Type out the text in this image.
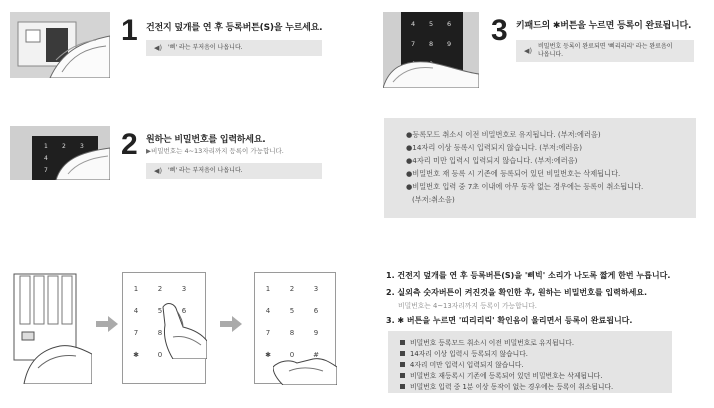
1 건전지 덮개를 연 후 등록버튼(S)을 누르세요.
◀) '삐' 라는 부저음이 나옵니다.
1 2 3
4
7
2 원하는 비밀번호를 입력하세요.
▶비밀번호는 4~13자리까지 등록이 가능합니다.
◀) '삐' 라는 부저음이 나옵니다.
4 5 6
7 8 9 3 키패드의 ✱버튼을 누르면 등록이 완료됩니다.
◀)
비밀번호 등록이 완료되면 '삐리리리' 라는 완료음이
나옵니다.
●등록모드 취소시 이전 비밀번호로 유지됩니다. (부저:에러음)
●14자리 이상 등록시 입력되지 않습니다. (부저:에러음)
●4자리 미만 입력시 입력되지 않습니다. (부저:에러음)
●비밀번호 재 등록 시 기존에 등록되어 있던 비밀번호는 삭제됩니다.
●비밀번호 입력 중 7초 이내에 아무 동작 없는 경우에는 등록이 취소됩니다.
(부저:취소음)
1	2	3
4	5	6
7	8
✱	0
1	2	3
4	5	6
7	8	9
✱	0	#
1. 건전지 덮개를 연 후 등록버튼(S)을 '삐빅' 소리가 나도록 짧게 한번 누릅니다.
2. 실외측 숫자버튼이 켜진것을 확인한 후, 원하는 비밀번호를 입력하세요.
비밀번호는 4~13자리까지 등록이 가능합니다.
3. ✱ 버튼을 누르면 '띠리리릭' 확인음이 울리면서 등록이 완료됩니다.
비밀번호 등록모드 취소시 이전 비밀번호로 유지됩니다.
14자리 이상 입력시 등록되지 않습니다.
4자리 미만 입력시 입력되지 않습니다.
비밀번호 재등록시 기존에 등록되어 있던 비밀번호는 삭제됩니다.
비밀번호 입력 중 1분 이상 동작이 없는 경우에는 등록이 취소됩니다.
